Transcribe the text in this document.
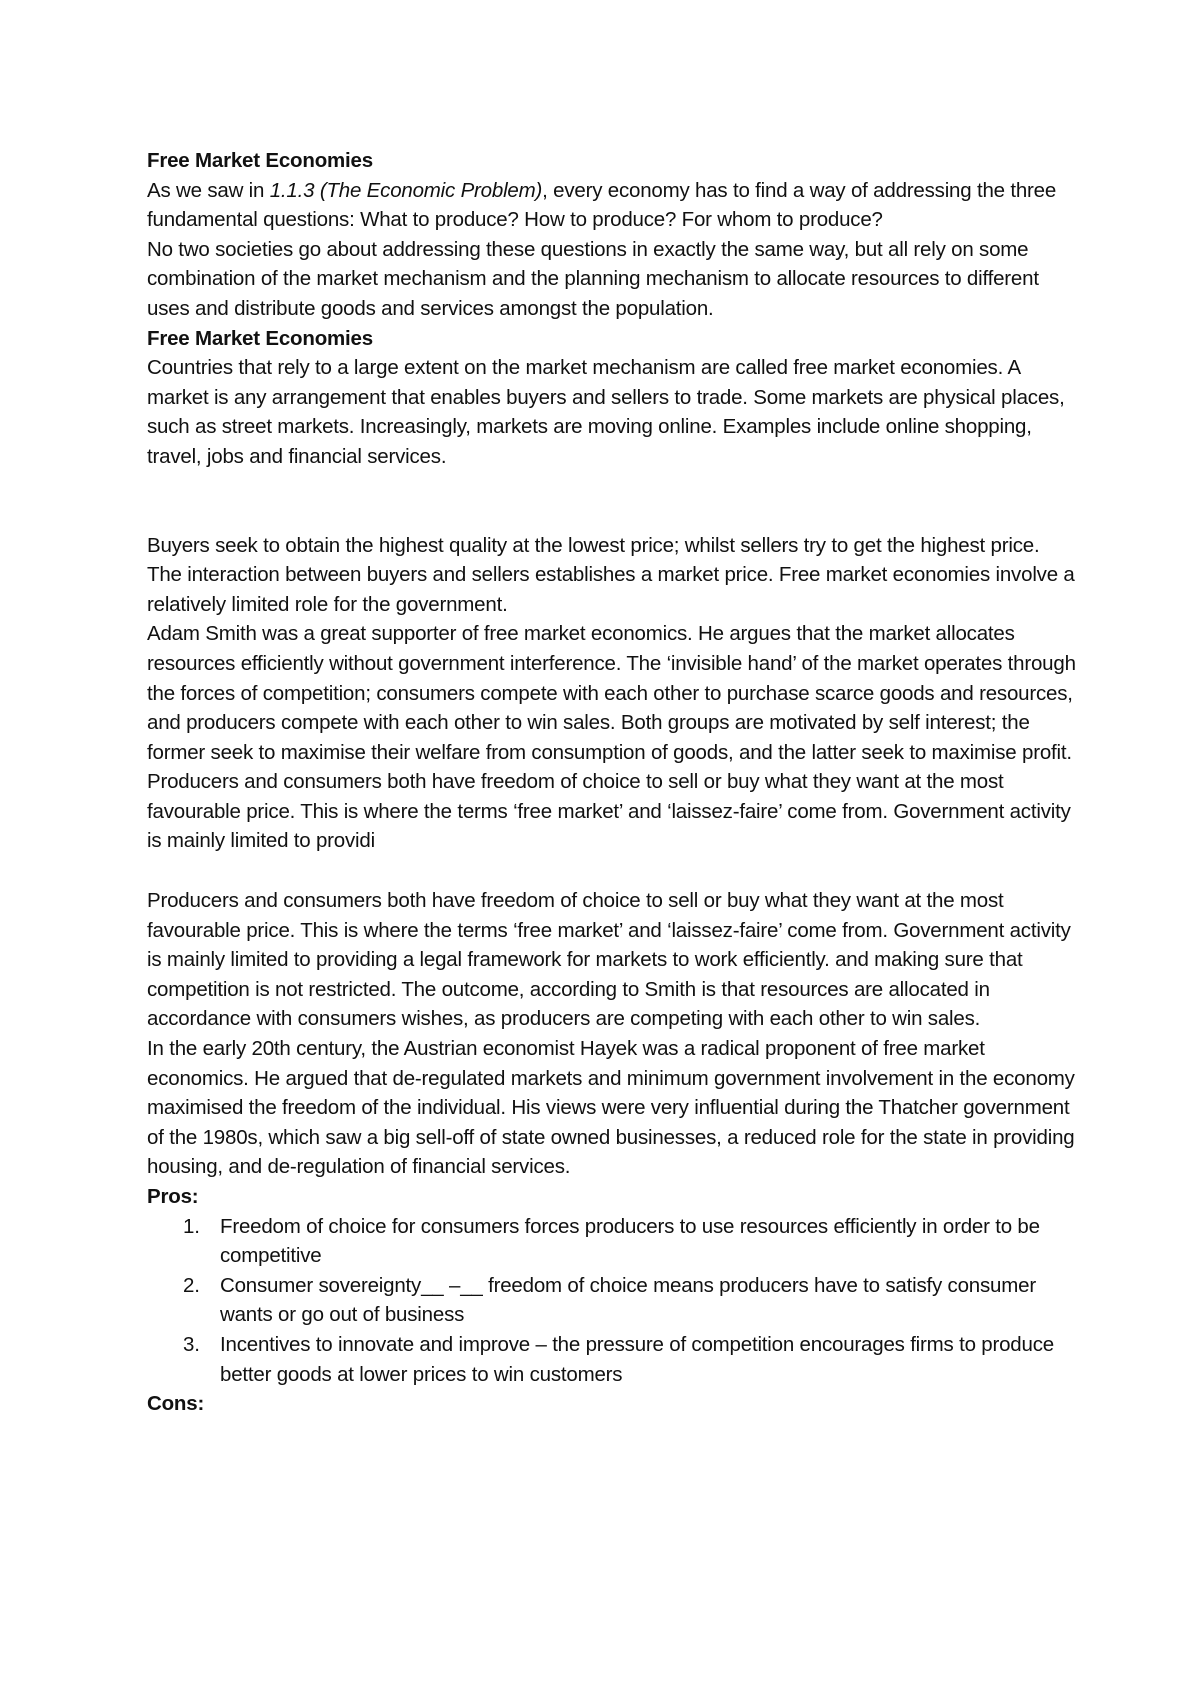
Free Market Economies

As we saw in 1.1.3 (The Economic Problem), every economy has to find a way of addressing the three fundamental questions: What to produce? How to produce? For whom to produce?

No two societies go about addressing these questions in exactly the same way, but all rely on some combination of the market mechanism and the planning mechanism to allocate resources to different uses and distribute goods and services amongst the population.

Free Market Economies

Countries that rely to a large extent on the market mechanism are called free market economies. A market is any arrangement that enables buyers and sellers to trade. Some markets are physical places, such as street markets. Increasingly, markets are moving online. Examples include online shopping, travel, jobs and financial services.

Buyers seek to obtain the highest quality at the lowest price; whilst sellers try to get the highest price. The interaction between buyers and sellers establishes a market price. Free market economies involve a relatively limited role for the government.

Adam Smith was a great supporter of free market economics. He argues that the market allocates resources efficiently without government interference. The ‘invisible hand’ of the market operates through the forces of competition; consumers compete with each other to purchase scarce goods and resources, and producers compete with each other to win sales. Both groups are motivated by self interest; the former seek to maximise their welfare from consumption of goods, and the latter seek to maximise profit.

Producers and consumers both have freedom of choice to sell or buy what they want at the most favourable price. This is where the terms ‘free market’ and ‘laissez-faire’ come from. Government activity is mainly limited to providi

Producers and consumers both have freedom of choice to sell or buy what they want at the most favourable price. This is where the terms ‘free market’ and ‘laissez-faire’ come from. Government activity is mainly limited to providing a legal framework for markets to work efficiently. and making sure that competition is not restricted. The outcome, according to Smith is that resources are allocated in accordance with consumers wishes, as producers are competing with each other to win sales.

In the early 20th century, the Austrian economist Hayek was a radical proponent of free market economics. He argued that de-regulated markets and minimum government involvement in the economy maximised the freedom of the individual. His views were very influential during the Thatcher government of the 1980s, which saw a big sell-off of state owned businesses, a reduced role for the state in providing housing, and de-regulation of financial services.

Pros:

1. Freedom of choice for consumers forces producers to use resources efficiently in order to be competitive
2. Consumer sovereignty__ –__ freedom of choice means producers have to satisfy consumer wants or go out of business
3. Incentives to innovate and improve – the pressure of competition encourages firms to produce better goods at lower prices to win customers

Cons:
